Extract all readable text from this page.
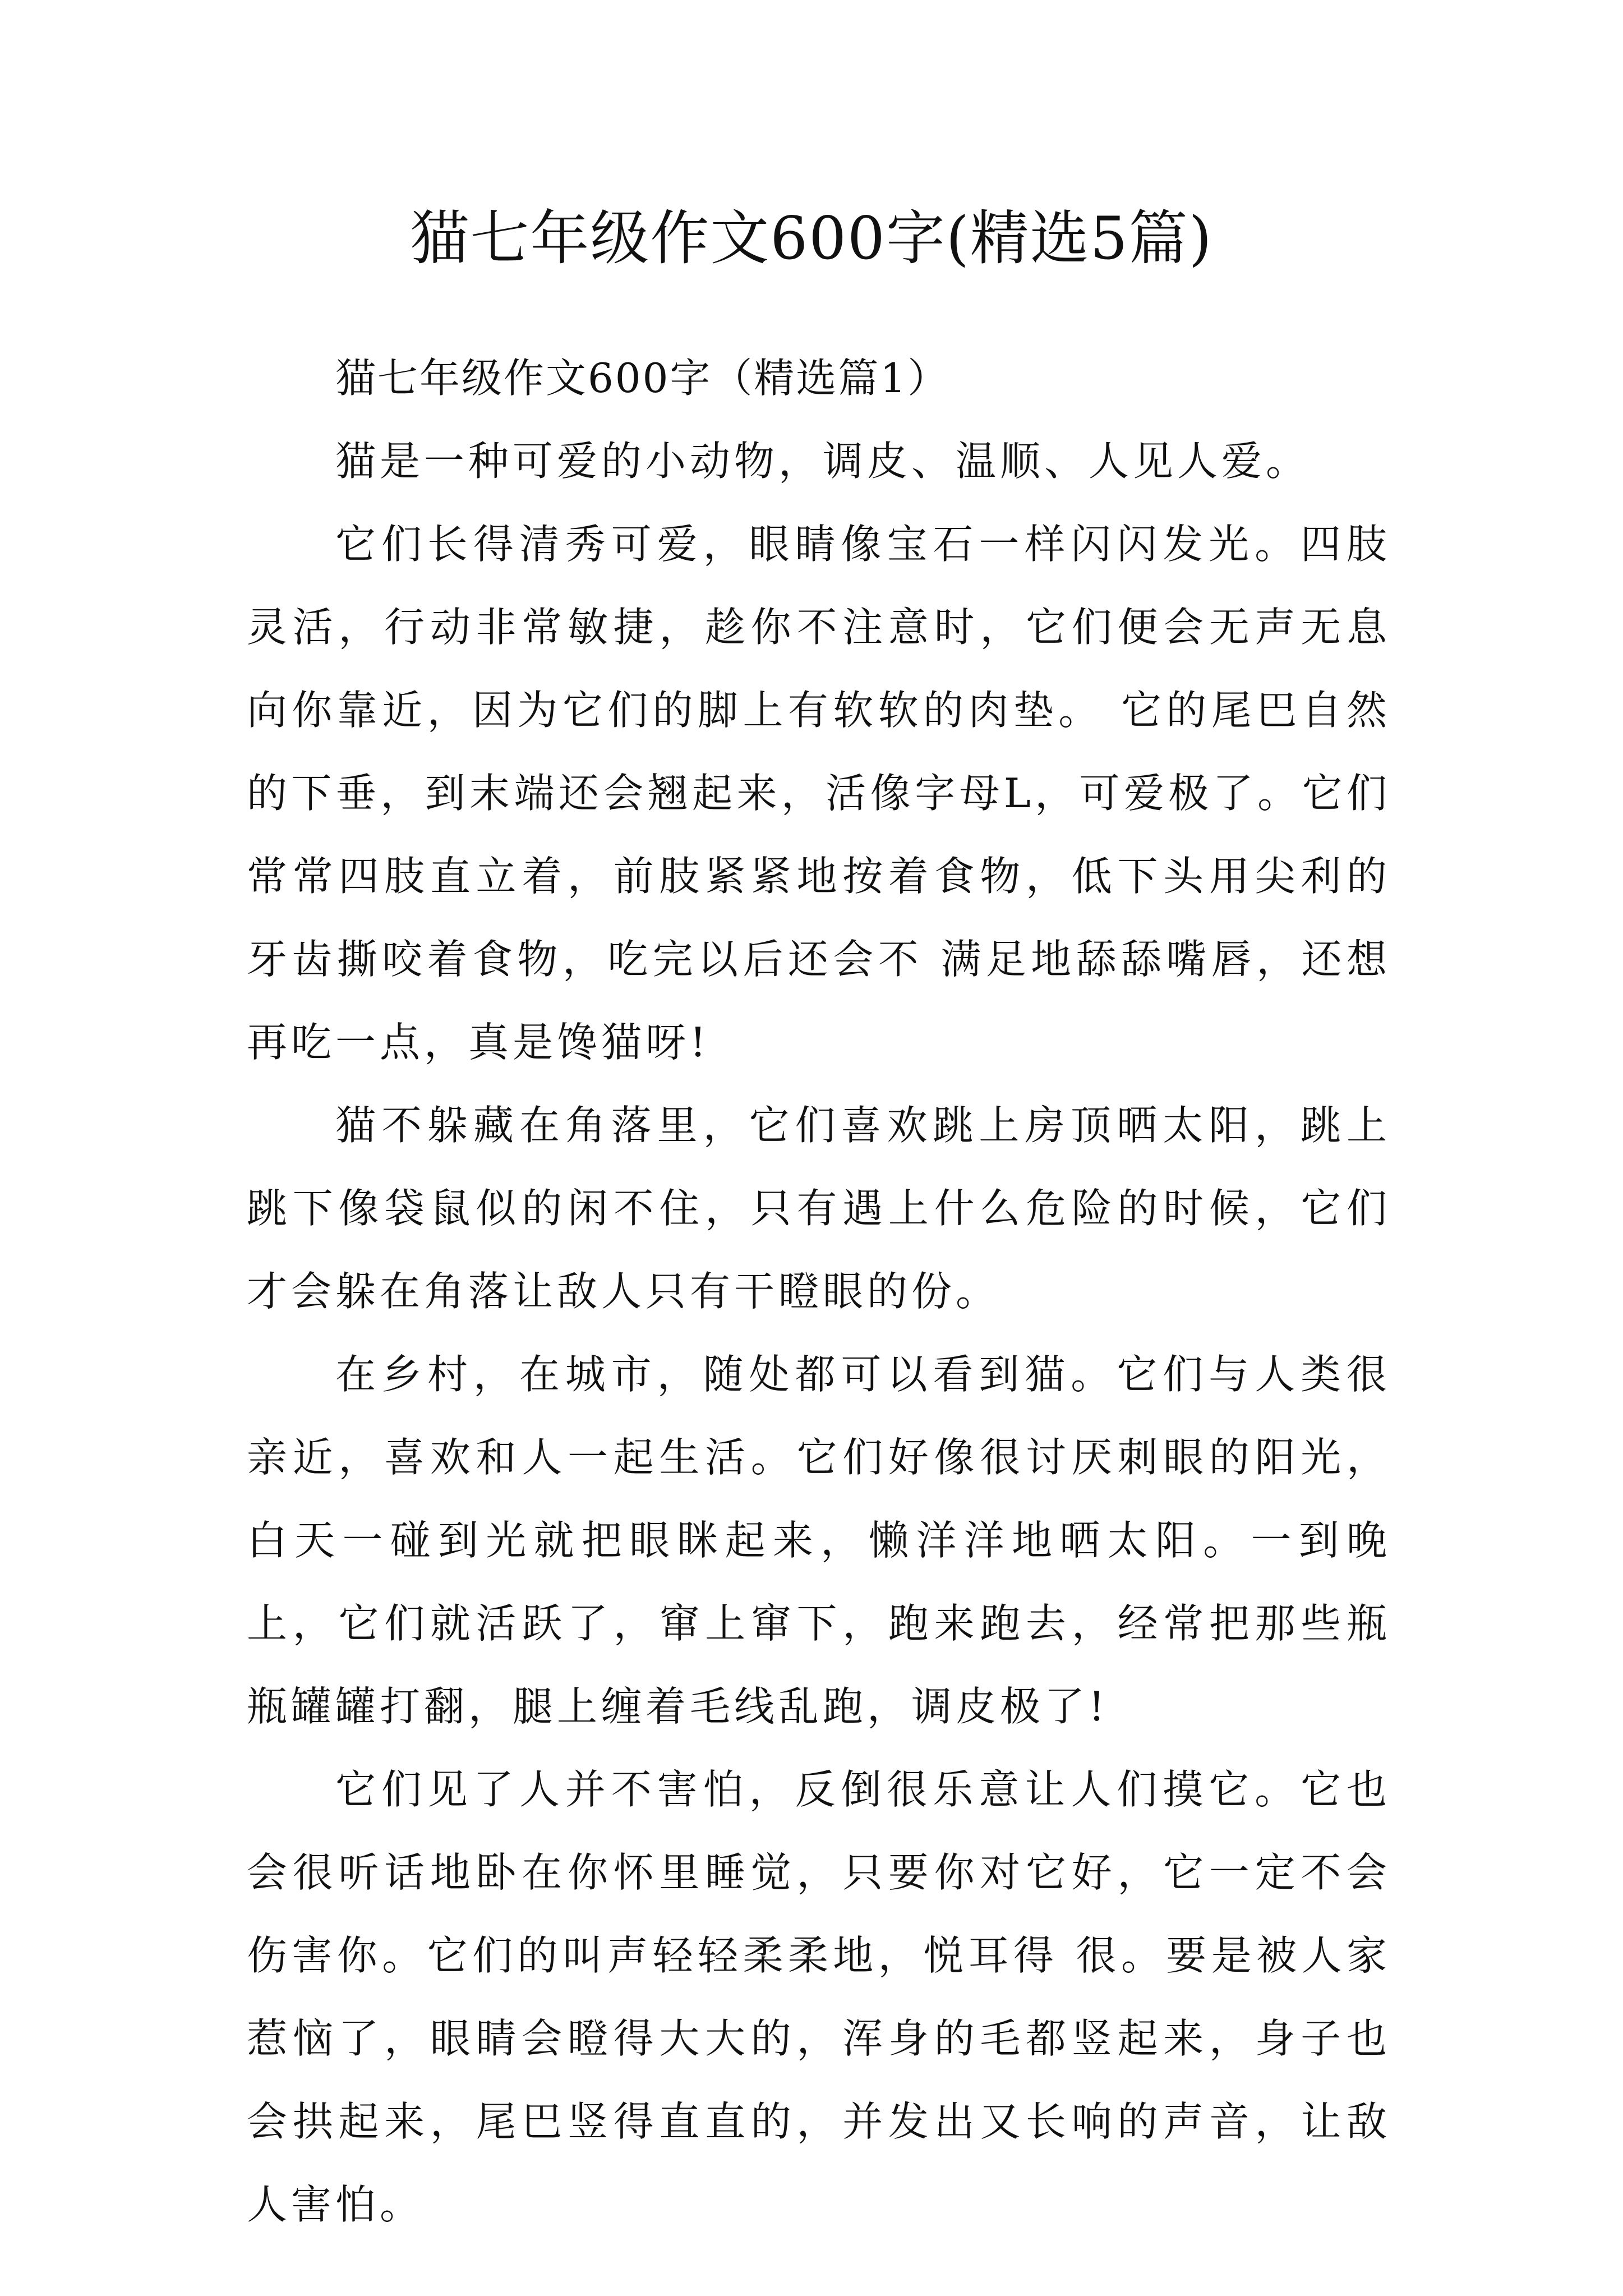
猫七年级作文600字(精选5篇)

猫七年级作文600字（精选篇1）

猫是一种可爱的小动物，调皮、温顺、人见人爱。

它们长得清秀可爱，眼睛像宝石一样闪闪发光。四肢灵活，行动非常敏捷，趁你不注意时，它们便会无声无息向你靠近，因为它们的脚上有软软的肉垫。 它的尾巴自然的下垂，到末端还会翘起来，活像字母L，可爱极了。它们常常四肢直立着，前肢紧紧地按着食物，低下头用尖利的牙齿撕咬着食物，吃完以后还会不 满足地舔舔嘴唇，还想再吃一点，真是馋猫呀!

猫不躲藏在角落里，它们喜欢跳上房顶晒太阳，跳上跳下像袋鼠似的闲不住，只有遇上什么危险的时候，它们才会躲在角落让敌人只有干瞪眼的份。

在乡村，在城市，随处都可以看到猫。它们与人类很亲近，喜欢和人一起生活。它们好像很讨厌刺眼的阳光，白天一碰到光就把眼眯起来，懒洋洋地晒太阳。一到晚上，它们就活跃了，窜上窜下，跑来跑去，经常把那些瓶瓶罐罐打翻，腿上缠着毛线乱跑，调皮极了!

它们见了人并不害怕，反倒很乐意让人们摸它。它也会很听话地卧在你怀里睡觉，只要你对它好，它一定不会伤害你。它们的叫声轻轻柔柔地，悦耳得 很。要是被人家惹恼了，眼睛会瞪得大大的，浑身的毛都竖起来，身子也会拱起来，尾巴竖得直直的，并发出又长响的声音，让敌人害怕。
